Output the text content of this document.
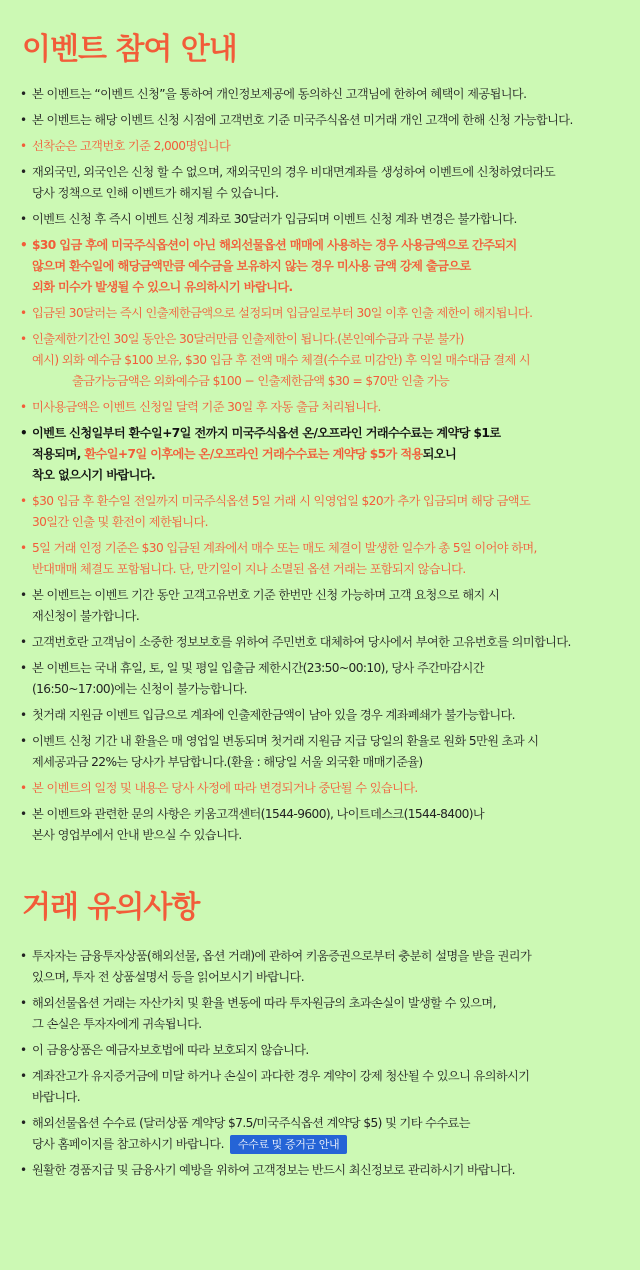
이벤트 참여 안내
• 본 이벤트는 “이벤트 신청”을 통하여 개인정보제공에 동의하신 고객님에 한하여 혜택이 제공됩니다.
• 본 이벤트는 해당 이벤트 신청 시점에 고객번호 기준 미국주식옵션 미거래 개인 고객에 한해 신청 가능합니다.
• 선착순은 고객번호 기준 2,000명입니다
• 재외국민, 외국인은 신청 할 수 없으며, 재외국민의 경우 비대면계좌를 생성하여 이벤트에 신청하였더라도
당사 정책으로 인해 이벤트가 해지될 수 있습니다.
• 이벤트 신청 후 즉시 이벤트 신청 계좌로 30달러가 입금되며 이벤트 신청 계좌 변경은 불가합니다.
• $30 입금 후에 미국주식옵션이 아닌 해외선물옵션 매매에 사용하는 경우 사용금액으로 간주되지
않으며 환수일에 해당금액만큼 예수금을 보유하지 않는 경우 미사용 금액 강제 출금으로
외화 미수가 발생될 수 있으니 유의하시기 바랍니다.
• 입금된 30달러는 즉시 인출제한금액으로 설정되며 입금일로부터 30일 이후 인출 제한이 해지됩니다.
• 인출제한기간인 30일 동안은 30달러만큼 인출제한이 됩니다.(본인예수금과 구분 불가)
예시) 외화 예수금 $100 보유, $30 입금 후 전액 매수 체결(수수료 미감안) 후 익일 매수대금 결제 시
출금가능금액은 외화예수금 $100 − 인출제한금액 $30 = $70만 인출 가능
• 미사용금액은 이벤트 신청일 달력 기준 30일 후 자동 출금 처리됩니다.
• 이벤트 신청일부터 환수일+7일 전까지 미국주식옵션 온/오프라인 거래수수료는 계약당 $1로
적용되며, 환수일+7일 이후에는 온/오프라인 거래수수료는 계약당 $5가 적용되오니
착오 없으시기 바랍니다.
• $30 입금 후 환수일 전일까지 미국주식옵션 5일 거래 시 익영업일 $20가 추가 입금되며 해당 금액도
30일간 인출 및 환전이 제한됩니다.
• 5일 거래 인정 기준은 $30 입금된 계좌에서 매수 또는 매도 체결이 발생한 일수가 총 5일 이어야 하며,
반대매매 체결도 포함됩니다. 단, 만기일이 지나 소멸된 옵션 거래는 포함되지 않습니다.
• 본 이벤트는 이벤트 기간 동안 고객고유번호 기준 한번만 신청 가능하며 고객 요청으로 해지 시
재신청이 불가합니다.
• 고객번호란 고객님이 소중한 정보보호를 위하여 주민번호 대체하여 당사에서 부여한 고유번호를 의미합니다.
• 본 이벤트는 국내 휴일, 토, 일 및 평일 입출금 제한시간(23:50~00:10), 당사 주간마감시간
(16:50~17:00)에는 신청이 불가능합니다.
• 첫거래 지원금 이벤트 입금으로 계좌에 인출제한금액이 남아 있을 경우 계좌폐쇄가 불가능합니다.
• 이벤트 신청 기간 내 환율은 매 영업일 변동되며 첫거래 지원금 지급 당일의 환율로 원화 5만원 초과 시
제세공과금 22%는 당사가 부담합니다.(환율 : 해당일 서울 외국환 매매기준율)
• 본 이벤트의 일정 및 내용은 당사 사정에 따라 변경되거나 중단될 수 있습니다.
• 본 이벤트와 관련한 문의 사항은 키움고객센터(1544-9600), 나이트데스크(1544-8400)나
본사 영업부에서 안내 받으실 수 있습니다.
거래 유의사항
• 투자자는 금융투자상품(해외선물, 옵션 거래)에 관하여 키움증권으로부터 충분히 설명을 받을 권리가
있으며, 투자 전 상품설명서 등을 읽어보시기 바랍니다.
• 해외선물옵션 거래는 자산가치 및 환율 변동에 따라 투자원금의 초과손실이 발생할 수 있으며,
그 손실은 투자자에게 귀속됩니다.
• 이 금융상품은 예금자보호법에 따라 보호되지 않습니다.
• 계좌잔고가 유지증거금에 미달 하거나 손실이 과다한 경우 계약이 강제 청산될 수 있으니 유의하시기
바랍니다.
• 해외선물옵션 수수료 (달러상품 계약당 $7.5/미국주식옵션 계약당 $5) 및 기타 수수료는
당사 홈페이지를 참고하시기 바랍니다. 수수료 및 증거금 안내
• 원활한 경품지급 및 금융사기 예방을 위하여 고객정보는 반드시 최신정보로 관리하시기 바랍니다.
